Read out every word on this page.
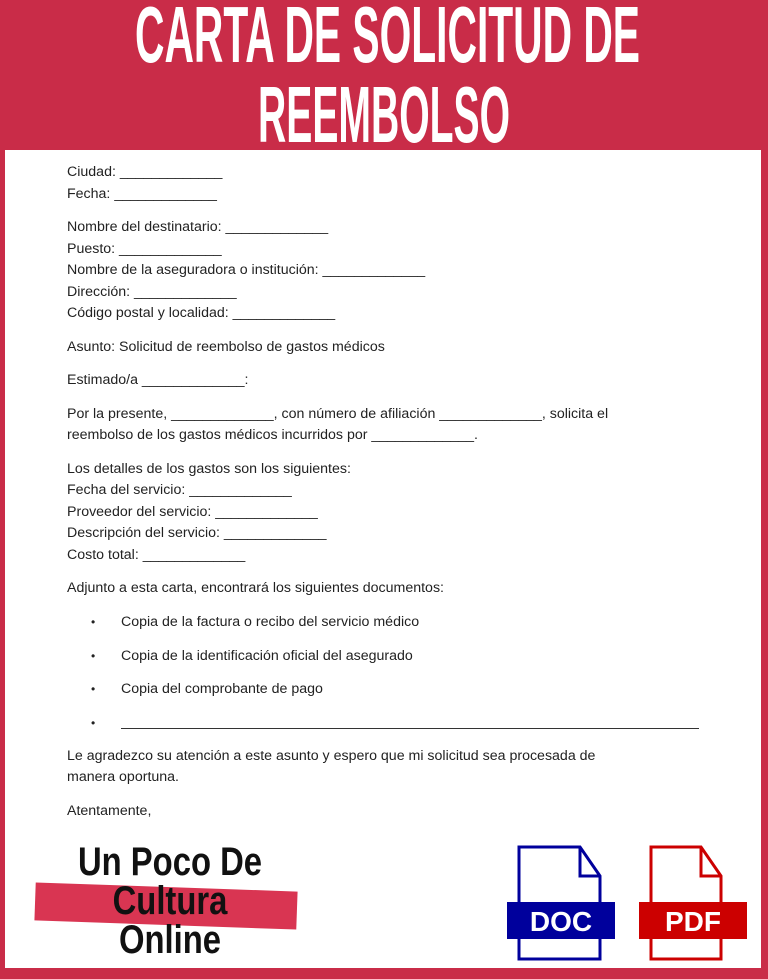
CARTA DE SOLICITUD DE
REEMBOLSO
Ciudad: _____________
Fecha: _____________
Nombre del destinatario: _____________
Puesto: _____________
Nombre de la aseguradora o institución: _____________
Dirección: _____________
Código postal y localidad: _____________
Asunto: Solicitud de reembolso de gastos médicos
Estimado/a _____________:
Por la presente, _____________, con número de afiliación _____________, solicita el
reembolso de los gastos médicos incurridos por _____________.
Los detalles de los gastos son los siguientes:
Fecha del servicio: _____________
Proveedor del servicio: _____________
Descripción del servicio: _____________
Costo total: _____________
Adjunto a esta carta, encontrará los siguientes documentos:
•	Copia de la factura o recibo del servicio médico
•	Copia de la identificación oficial del asegurado
•	Copia del comprobante de pago
•
Le agradezco su atención a este asunto y espero que mi solicitud sea procesada de
manera oportuna.
Atentamente,
Un Poco De
Cultura
Online	DOC	PDF
